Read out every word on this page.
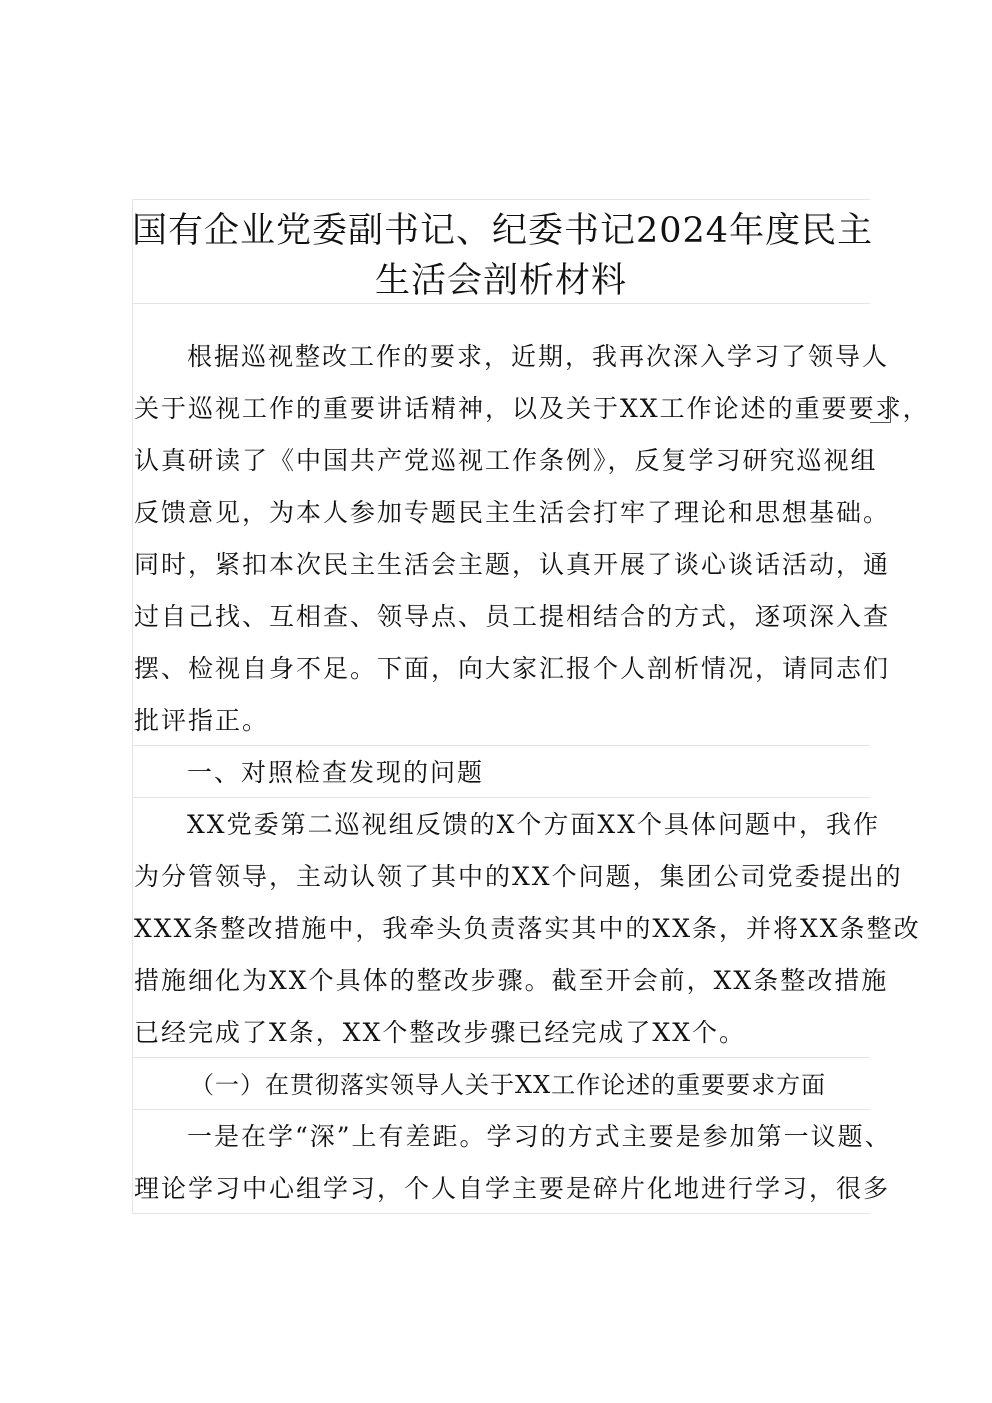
国有企业党委副书记、纪委书记2024年度民主
生活会剖析材料
根据巡视整改工作的要求，近期，我再次深入学习了领导人
关于巡视工作的重要讲话精神，以及关于XX工作论述的重要要求，
认真研读了《中国共产党巡视工作条例》，反复学习研究巡视组
反馈意见，为本人参加专题民主生活会打牢了理论和思想基础。
同时，紧扣本次民主生活会主题，认真开展了谈心谈话活动，通
过自己找、互相查、领导点、员工提相结合的方式，逐项深入查
摆、检视自身不足。下面，向大家汇报个人剖析情况，请同志们
批评指正。
一、对照检查发现的问题
XX党委第二巡视组反馈的X个方面XX个具体问题中，我作
为分管领导，主动认领了其中的XX个问题，集团公司党委提出的
XXX条整改措施中，我牵头负责落实其中的XX条，并将XX条整改
措施细化为XX个具体的整改步骤。截至开会前，XX条整改措施
已经完成了X条，XX个整改步骤已经完成了XX个。
（一）在贯彻落实领导人关于XX工作论述的重要要求方面
一是在学“深”上有差距。学习的方式主要是参加第一议题、
理论学习中心组学习，个人自学主要是碎片化地进行学习，很多
